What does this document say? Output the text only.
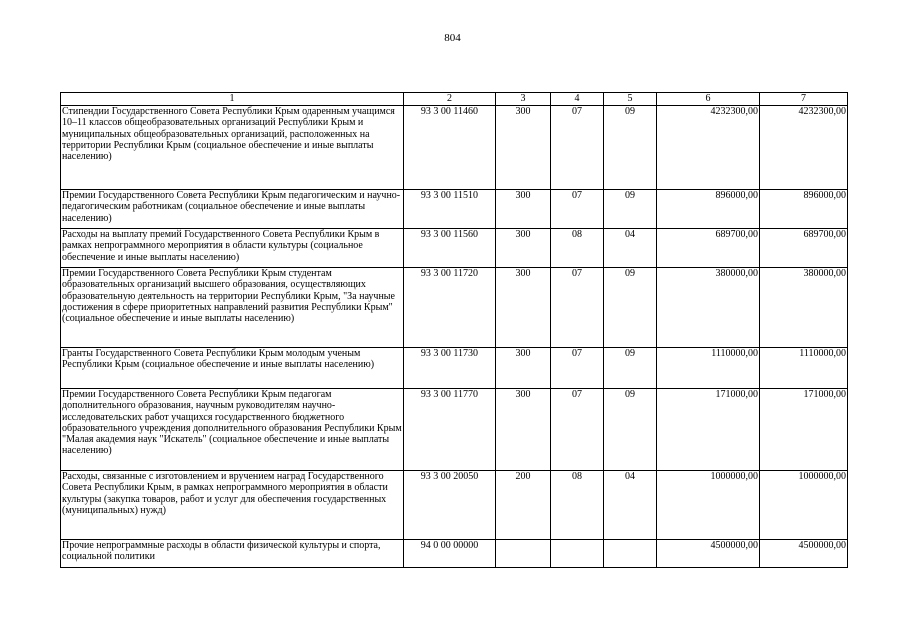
804
1	2	3	4	5	6	7
Стипендии Государственного Совета Республики Крым одаренным учащимся 10–11 классов общеобразовательных организаций Республики Крым и муниципальных общеобразовательных организаций, расположенных на территории Республики Крым (социальное обеспечение и иные выплаты населению)	93 3 00 11460	300	07	09	4232300,00	4232300,00
Премии Государственного Совета Республики Крым педагогическим и научно-педагогическим работникам (социальное обеспечение и иные выплаты населению)	93 3 00 11510	300	07	09	896000,00	896000,00
Расходы на выплату премий Государственного Совета Республики Крым в рамках непрограммного мероприятия в области культуры (социальное обеспечение и иные выплаты населению)	93 3 00 11560	300	08	04	689700,00	689700,00
Премии Государственного Совета Республики Крым студентам образовательных организаций высшего образования, осуществляющих образовательную деятельность на территории Республики Крым, "За научные достижения в сфере приоритетных направлений развития Республики Крым" (социальное обеспечение и иные выплаты населению)	93 3 00 11720	300	07	09	380000,00	380000,00
Гранты Государственного Совета Республики Крым молодым ученым Республики Крым (социальное обеспечение и иные выплаты населению)	93 3 00 11730	300	07	09	1110000,00	1110000,00
Премии Государственного Совета Республики Крым педагогам дополнительного образования, научным руководителям научно-исследовательских работ учащихся государственного бюджетного образовательного учреждения дополнительного образования Республики Крым "Малая академия наук "Искатель" (социальное обеспечение и иные выплаты населению)	93 3 00 11770	300	07	09	171000,00	171000,00
Расходы, связанные с изготовлением и вручением наград Государственного Совета Республики Крым, в рамках непрограммного мероприятия в области культуры (закупка товаров, работ и услуг для обеспечения государственных (муниципальных) нужд)	93 3 00 20050	200	08	04	1000000,00	1000000,00
Прочие непрограммные расходы в области физической культуры и спорта, социальной политики	94 0 00 00000				4500000,00	4500000,00
